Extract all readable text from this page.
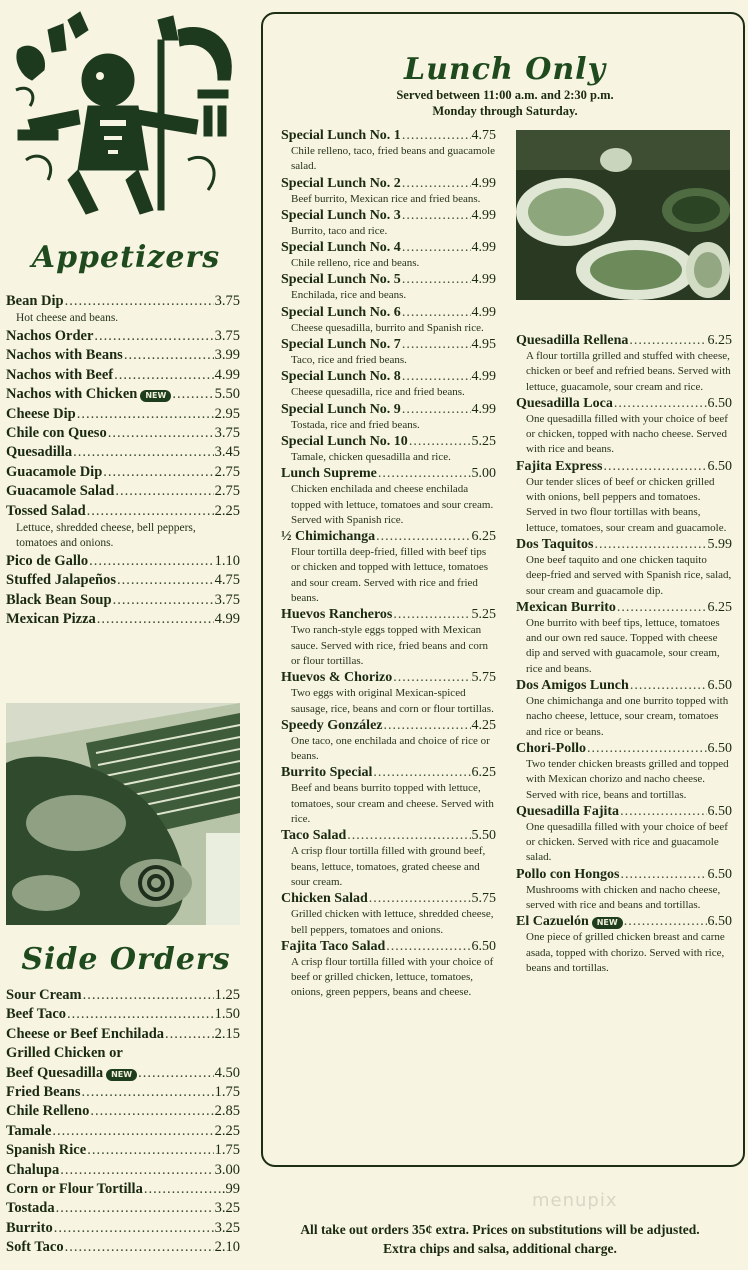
Appetizers
Bean Dip .....	3.75
Hot cheese and beans.
Nachos Order .....	3.75
Nachos with Beans .....	3.99
Nachos with Beef .....	4.99
Nachos with Chicken	NEW .....	5.50
Cheese Dip .....	2.95
Chile con Queso .....	3.75
Quesadilla .....	3.45
Guacamole Dip .....	2.75
Guacamole Salad .....	2.75
Tossed Salad .....	2.25
Lettuce, shredded cheese, bell peppers, tomatoes and onions.
Pico de Gallo .....	1.10
Stuffed Jalapeños .....	4.75
Black Bean Soup .....	3.75
Mexican Pizza .....	4.99
Side Orders
Sour Cream .....	1.25
Beef Taco .....	1.50
Cheese or Beef Enchilada .....	2.15
Grilled Chicken or
Beef Quesadilla	NEW .....	4.50
Fried Beans .....	1.75
Chile Relleno .....	2.85
Tamale .....	2.25
Spanish Rice .....	1.75
Chalupa .....	3.00
Corn or Flour Tortilla .....	.99
Tostada .....	3.25
Burrito .....	3.25
Soft Taco .....	2.10
Lunch Only
Served between 11:00 a.m. and 2:30 p.m.
Monday through Saturday.
Special Lunch No. 1 .....	4.75
Chile relleno, taco, fried beans and guacamole salad.
Special Lunch No. 2 .....	4.99
Beef burrito, Mexican rice and fried beans.
Special Lunch No. 3 .....	4.99
Burrito, taco and rice.
Special Lunch No. 4 .....	4.99
Chile relleno, rice and beans.
Special Lunch No. 5 .....	4.99
Enchilada, rice and beans.
Special Lunch No. 6 .....	4.99
Cheese quesadilla, burrito and Spanish rice.
Special Lunch No. 7 .....	4.95
Taco, rice and fried beans.
Special Lunch No. 8 .....	4.99
Cheese quesadilla, rice and fried beans.
Special Lunch No. 9 .....	4.99
Tostada, rice and fried beans.
Special Lunch No. 10 .....	5.25
Tamale, chicken quesadilla and rice.
Lunch Supreme .....	5.00
Chicken enchilada and cheese enchilada topped with lettuce, tomatoes and sour cream. Served with Spanish rice.
½ Chimichanga .....	6.25
Flour tortilla deep-fried, filled with beef tips or chicken and topped with lettuce, tomatoes and sour cream. Served with rice and fried beans.
Huevos Rancheros .....	5.25
Two ranch-style eggs topped with Mexican sauce. Served with rice, fried beans and corn or flour tortillas.
Huevos & Chorizo .....	5.75
Two eggs with original Mexican-spiced sausage, rice, beans and corn or flour tortillas.
Speedy González .....	4.25
One taco, one enchilada and choice of rice or beans.
Burrito Special .....	6.25
Beef and beans burrito topped with lettuce, tomatoes, sour cream and cheese. Served with rice.
Taco Salad .....	5.50
A crisp flour tortilla filled with ground beef, beans, lettuce, tomatoes, grated cheese and sour cream.
Chicken Salad .....	5.75
Grilled chicken with lettuce, shredded cheese, bell peppers, tomatoes and onions.
Fajita Taco Salad .....	6.50
A crisp flour tortilla filled with your choice of beef or grilled chicken, lettuce, tomatoes, onions, green peppers, beans and cheese.
Quesadilla Rellena .....	6.25
A flour tortilla grilled and stuffed with cheese, chicken or beef and refried beans. Served with lettuce, guacamole, sour cream and rice.
Quesadilla Loca .....	6.50
One quesadilla filled with your choice of beef or chicken, topped with nacho cheese. Served with rice and beans.
Fajita Express .....	6.50
Our tender slices of beef or chicken grilled with onions, bell peppers and tomatoes. Served in two flour tortillas with beans, lettuce, tomatoes, sour cream and guacamole.
Dos Taquitos .....	5.99
One beef taquito and one chicken taquito deep-fried and served with Spanish rice, salad, sour cream and guacamole dip.
Mexican Burrito .....	6.25
One burrito with beef tips, lettuce, tomatoes and our own red sauce. Topped with cheese dip and served with guacamole, sour cream, rice and beans.
Dos Amigos Lunch .....	6.50
One chimichanga and one burrito topped with nacho cheese, lettuce, sour cream, tomatoes and rice or beans.
Chori-Pollo .....	6.50
Two tender chicken breasts grilled and topped with Mexican chorizo and nacho cheese. Served with rice, beans and tortillas.
Quesadilla Fajita .....	6.50
One quesadilla filled with your choice of beef or chicken. Served with rice and guacamole salad.
Pollo con Hongos .....	6.50
Mushrooms with chicken and nacho cheese, served with rice and beans and tortillas.
El Cazuelón	NEW .....	6.50
One piece of grilled chicken breast and carne asada, topped with chorizo. Served with rice, beans and tortillas.
menupix
All take out orders 35¢ extra. Prices on substitutions will be adjusted.
Extra chips and salsa, additional charge.
